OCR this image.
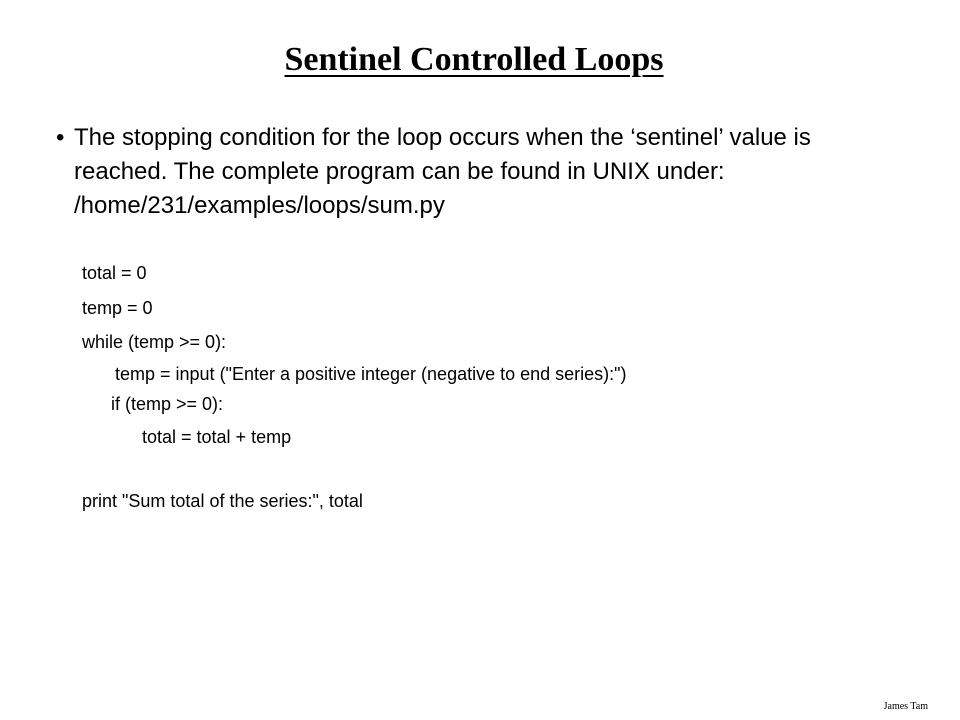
Sentinel Controlled Loops
• The stopping condition for the loop occurs when the ‘sentinel’ value is
reached. The complete program can be found in UNIX under:
/home/231/examples/loops/sum.py
total = 0
temp = 0
while (temp >= 0):
temp = input ("Enter a positive integer (negative to end series):")
if (temp >= 0):
total = total + temp
print "Sum total of the series:", total
James Tam
